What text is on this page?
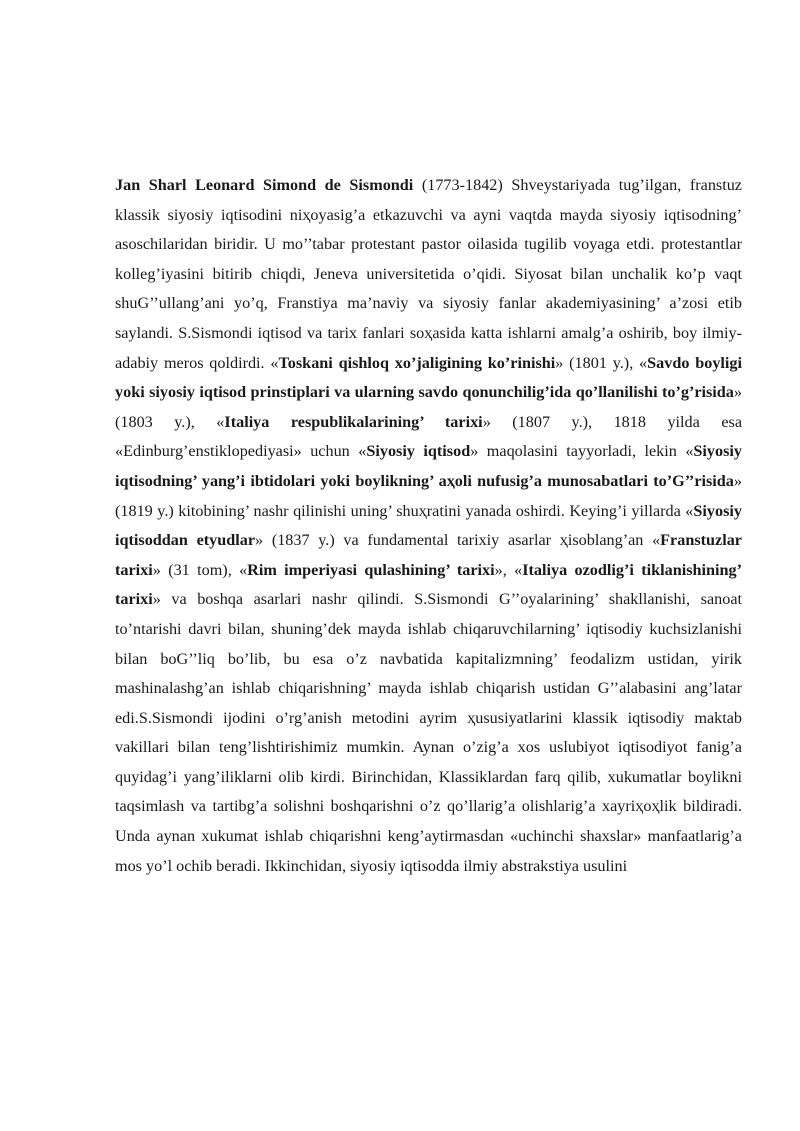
Jan Sharl Leonard Simond de Sismondi (1773-1842) Shveystariyada tug’ilgan, franstuz klassik siyosiy iqtisodini niҳoyasig’a etkazuvchi va ayni vaqtda mayda siyosiy iqtisodning’ asoschilaridan biridir. U mo’’tabar protestant pastor oilasida tugilib voyaga etdi. protestantlar kolleg’iyasini bitirib chiqdi, Jeneva universitetida o’qidi. Siyosat bilan unchalik ko’p vaqt shuG’’ullang’ani yo’q, Franstiya ma’naviy va siyosiy fanlar akademiyasining’ a’zosi etib saylandi. S.Sismondi iqtisod va tarix fanlari soҳasida katta ishlarni amalg’a oshirib, boy ilmiy-adabiy meros qoldirdi. «Toskani qishloq xo’jaligining ko’rinishi» (1801 y.), «Savdo boyligi yoki siyosiy iqtisod prinstiplari va ularning savdo qonunchilig’ida qo’llanilishi to’g’risida» (1803 y.), «Italiya respublikalarining’ tarixi» (1807 y.), 1818 yilda esa «Edinburg’enstiklopediyasi» uchun «Siyosiy iqtisod» maqolasini tayyorladi, lekin «Siyosiy iqtisodning’ yang’i ibtidolari yoki boylikning’ aҳoli nufusig’a munosabatlari to’G’’risida» (1819 y.) kitobining’ nashr qilinishi uning’ shuҳratini yanada oshirdi. Keying’i yillarda «Siyosiy iqtisoddan etyudlar» (1837 y.) va fundamental tarixiy asarlar ҳisoblang’an «Franstuzlar tarixi» (31 tom), «Rim imperiyasi qulashining’ tarixi», «Italiya ozodlig’i tiklanishining’ tarixi» va boshqa asarlari nashr qilindi. S.Sismondi G’’oyalarining’ shakllanishi, sanoat to’ntarishi davri bilan, shuning’dek mayda ishlab chiqaruvchilarning’ iqtisodiy kuchsizlanishi bilan boG’’liq bo’lib, bu esa o’z navbatida kapitalizmning’ feodalizm ustidan, yirik mashinalashg’an ishlab chiqarishning’ mayda ishlab chiqarish ustidan G’’alabasini ang’latar edi.S.Sismondi ijodini o’rg’anish metodini ayrim ҳususiyatlarini klassik iqtisodiy maktab vakillari bilan teng’lishtirishimiz mumkin. Aynan o’zig’a xos uslubiyot iqtisodiyot fanig’a quyidag’i yang’iliklarni olib kirdi. Birinchidan, Klassiklardan farq qilib, xukumatlar boylikni taqsimlash va tartibg’a solishni boshqarishni o’z qo’llarig’a olishlarig’a xayriҳoҳlik bildiradi. Unda aynan xukumat ishlab chiqarishni keng’aytirmasdan «uchinchi shaxslar» manfaatlarig’a mos yo’l ochib beradi. Ikkinchidan, siyosiy iqtisodda ilmiy abstrakstiya usulini
